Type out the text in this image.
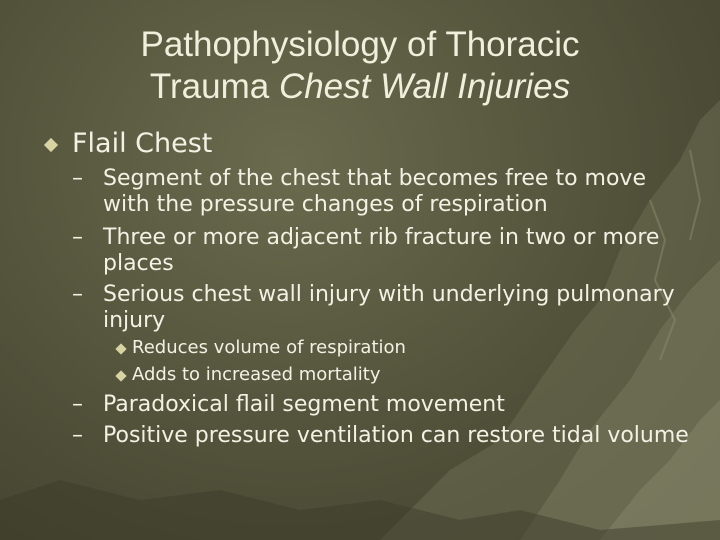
Pathophysiology of Thoracic
Trauma Chest Wall Injuries
Flail Chest
– Segment of the chest that becomes free to move with the pressure changes of respiration
– Three or more adjacent rib fracture in two or more places
– Serious chest wall injury with underlying pulmonary injury
Reduces volume of respiration
Adds to increased mortality
– Paradoxical flail segment movement
– Positive pressure ventilation can restore tidal volume
